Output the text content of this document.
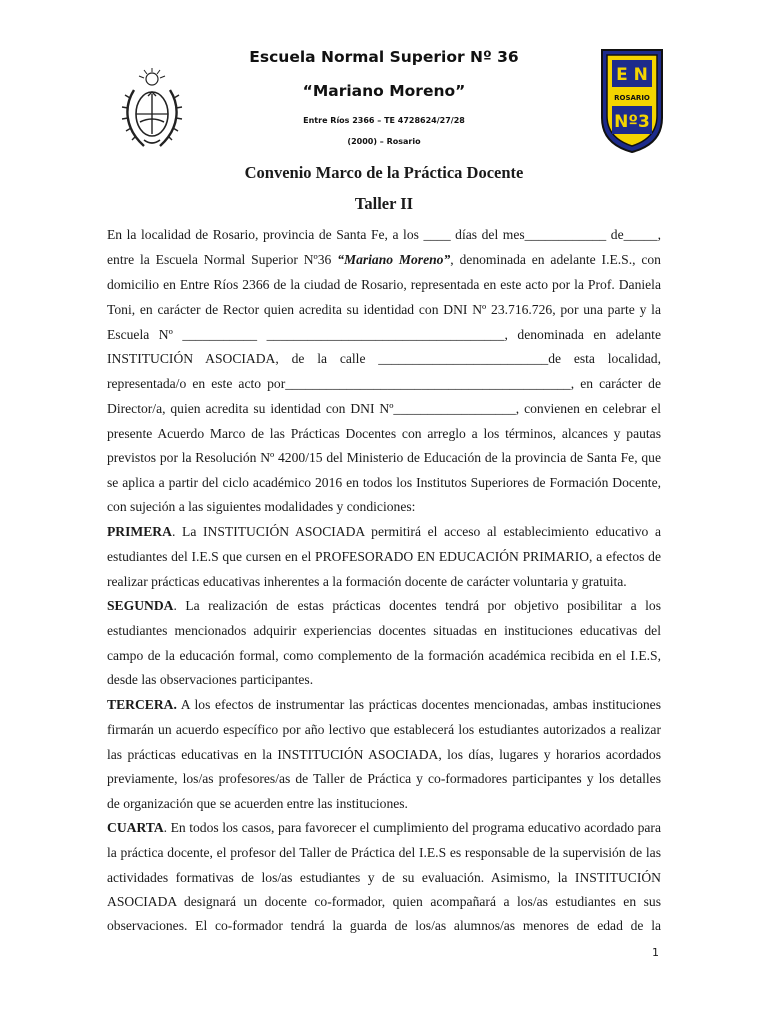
E N
ROSARIO
Nº3
Escuela Normal Superior Nº 36
“Mariano Moreno”
Entre Ríos 2366 – TE 4728624/27/28
(2000) – Rosario
Convenio Marco de la Práctica Docente
Taller II
En la localidad de Rosario, provincia de Santa Fe, a los ____ días del mes____________ de_____,
entre la Escuela Normal Superior Nº36 “Mariano Moreno”, denominada en adelante I.E.S., con
domicilio en Entre Ríos 2366 de la ciudad de Rosario, representada en este acto por la Prof. Daniela
Toni, en carácter de Rector quien acredita su identidad con DNI Nº 23.716.726, por una parte y la
Escuela Nº ___________ ___________________________________, denominada en adelante
INSTITUCIÓN ASOCIADA, de la calle _________________________de esta localidad,
representada/o en este acto por__________________________________________, en carácter de
Director/a, quien acredita su identidad con DNI Nº__________________, convienen en celebrar el
presente Acuerdo Marco de las Prácticas Docentes con arreglo a los términos, alcances y pautas
previstos por la Resolución Nº 4200/15 del Ministerio de Educación de la provincia de Santa Fe, que
se aplica a partir del ciclo académico 2016 en todos los Institutos Superiores de Formación Docente,
con sujeción a las siguientes modalidades y condiciones:
PRIMERA. La INSTITUCIÓN ASOCIADA permitirá el acceso al establecimiento educativo a
estudiantes del I.E.S que cursen en el PROFESORADO EN EDUCACIÓN PRIMARIO, a efectos de
realizar prácticas educativas inherentes a la formación docente de carácter voluntaria y gratuita.
SEGUNDA. La realización de estas prácticas docentes tendrá por objetivo posibilitar a los
estudiantes mencionados adquirir experiencias docentes situadas en instituciones educativas del
campo de la educación formal, como complemento de la formación académica recibida en el I.E.S,
desde las observaciones participantes.
TERCERA. A los efectos de instrumentar las prácticas docentes mencionadas, ambas instituciones
firmarán un acuerdo específico por año lectivo que establecerá los estudiantes autorizados a realizar
las prácticas educativas en la INSTITUCIÓN ASOCIADA, los días, lugares y horarios acordados
previamente, los/as profesores/as de Taller de Práctica y co-formadores participantes y los detalles
de organización que se acuerden entre las instituciones.
CUARTA. En todos los casos, para favorecer el cumplimiento del programa educativo acordado para
la práctica docente, el profesor del Taller de Práctica del I.E.S es responsable de la supervisión de las
actividades formativas de los/as estudiantes y de su evaluación. Asimismo, la INSTITUCIÓN
ASOCIADA designará un docente co-formador, quien acompañará a los/as estudiantes en sus
observaciones. El co-formador tendrá la guarda de los/as alumnos/as menores de edad de la
1
